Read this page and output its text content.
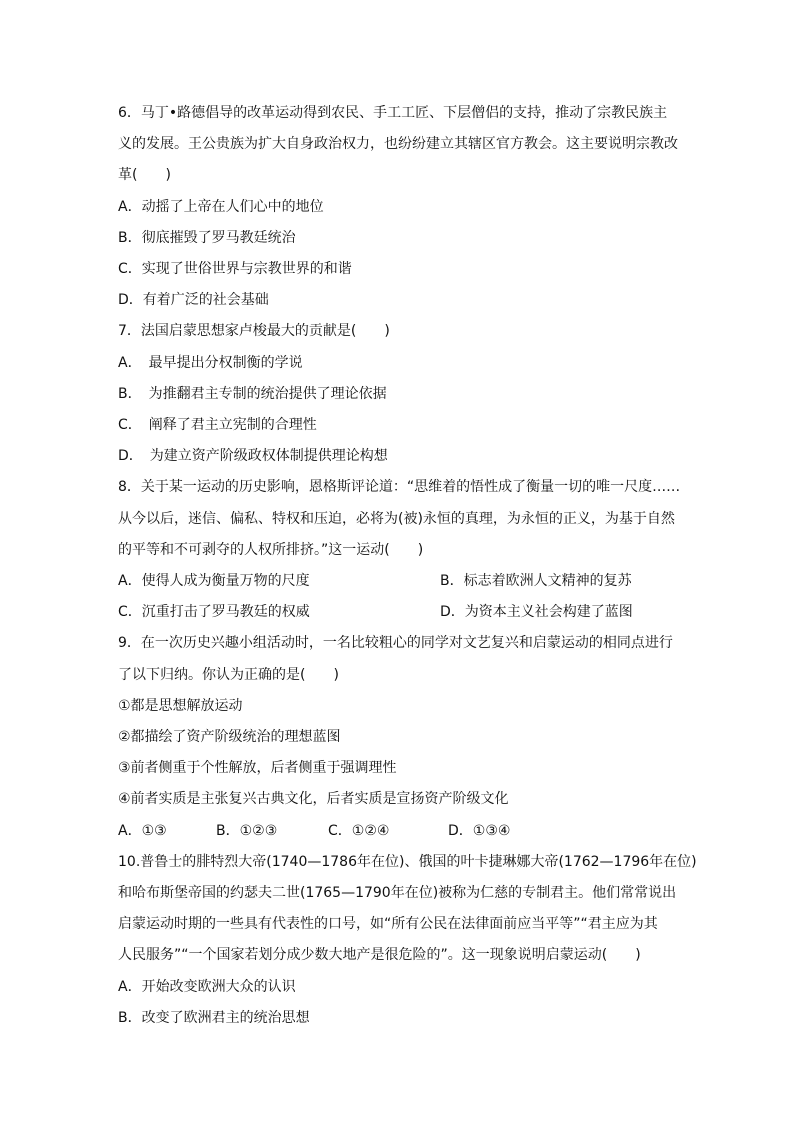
6．马丁•路德倡导的改革运动得到农民、手工工匠、下层僧侣的支持，推动了宗教民族主
义的发展。王公贵族为扩大自身政治权力，也纷纷建立其辖区官方教会。这主要说明宗教改
革(　　)
A．动摇了上帝在人们心中的地位
B．彻底摧毁了罗马教廷统治
C．实现了世俗世界与宗教世界的和谐
D．有着广泛的社会基础
7．法国启蒙思想家卢梭最大的贡献是(　　)
A．　最早提出分权制衡的学说
B．　为推翻君主专制的统治提供了理论依据
C．　阐释了君主立宪制的合理性
D．　为建立资产阶级政权体制提供理论构想
8．关于某一运动的历史影响，恩格斯评论道：“思维着的悟性成了衡量一切的唯一尺度……
从今以后，迷信、偏私、特权和压迫，必将为(被)永恒的真理，为永恒的正义，为基于自然
的平等和不可剥夺的人权所排挤。”这一运动(　　)
A．使得人成为衡量万物的尺度	B．标志着欧洲人文精神的复苏
C．沉重打击了罗马教廷的权威	D．为资本主义社会构建了蓝图
9．在一次历史兴趣小组活动时，一名比较粗心的同学对文艺复兴和启蒙运动的相同点进行
了以下归纳。你认为正确的是(　　)
①都是思想解放运动
②都描绘了资产阶级统治的理想蓝图
③前者侧重于个性解放，后者侧重于强调理性
④前者实质是主张复兴古典文化，后者实质是宣扬资产阶级文化
A．①③	B．①②③	C．①②④	D．①③④
10.普鲁士的腓特烈大帝(1740—1786年在位)、俄国的叶卡捷琳娜大帝(1762—1796年在位)
和哈布斯堡帝国的约瑟夫二世(1765—1790年在位)被称为仁慈的专制君主。他们常常说出
启蒙运动时期的一些具有代表性的口号，如“所有公民在法律面前应当平等”“君主应为其
人民服务”“一个国家若划分成少数大地产是很危险的”。这一现象说明启蒙运动(　　)
A．开始改变欧洲大众的认识
B．改变了欧洲君主的统治思想
